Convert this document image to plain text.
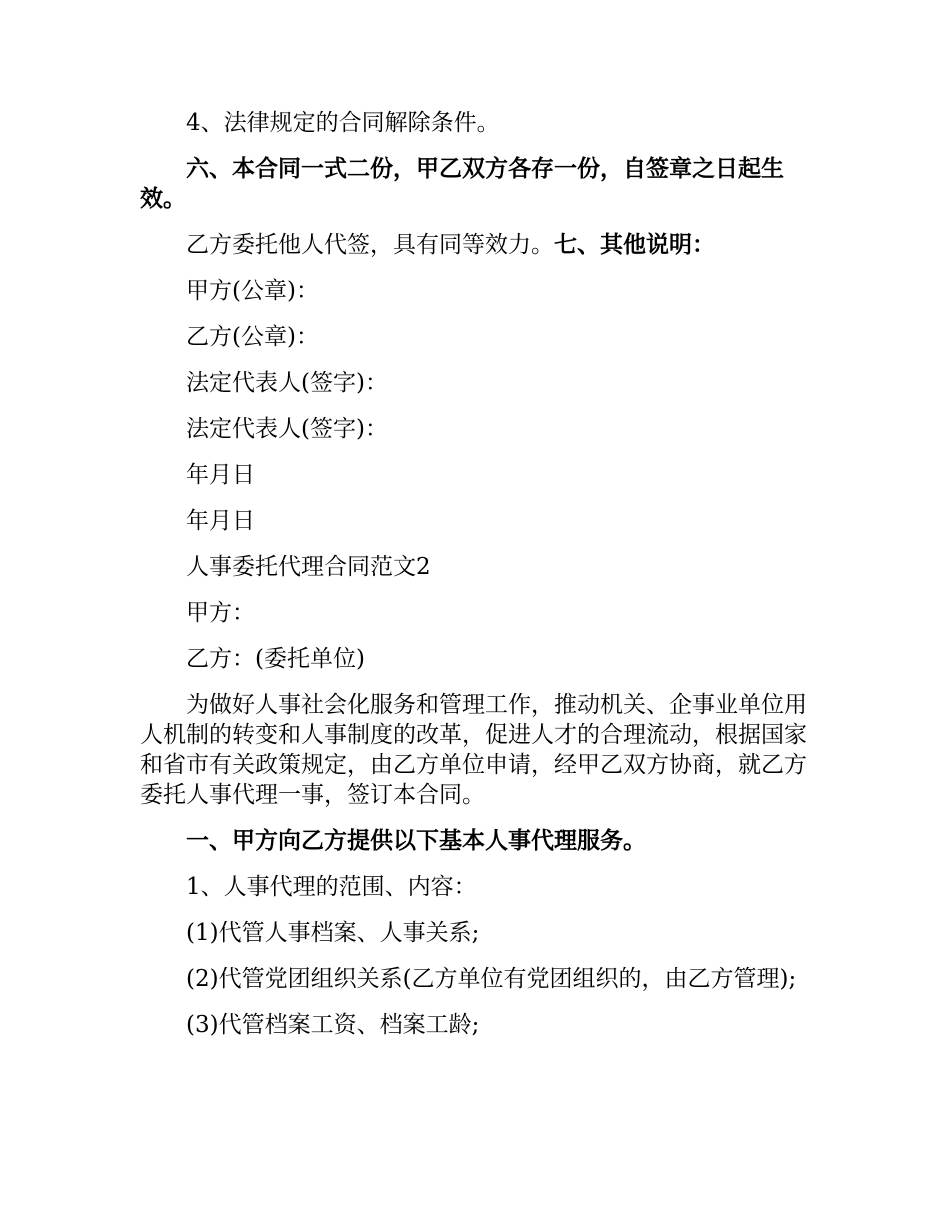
4、法律规定的合同解除条件。

六、本合同一式二份，甲乙双方各存一份，自签章之日起生效。

乙方委托他人代签，具有同等效力。七、其他说明：

甲方(公章)：

乙方(公章)：

法定代表人(签字)：

法定代表人(签字)：

年月日

年月日

人事委托代理合同范文2

甲方：

乙方：(委托单位)

为做好人事社会化服务和管理工作，推动机关、企事业单位用人机制的转变和人事制度的改革，促进人才的合理流动，根据国家和省市有关政策规定，由乙方单位申请，经甲乙双方协商，就乙方委托人事代理一事，签订本合同。

一、甲方向乙方提供以下基本人事代理服务。

1、人事代理的范围、内容：

(1)代管人事档案、人事关系;

(2)代管党团组织关系(乙方单位有党团组织的，由乙方管理);

(3)代管档案工资、档案工龄;
